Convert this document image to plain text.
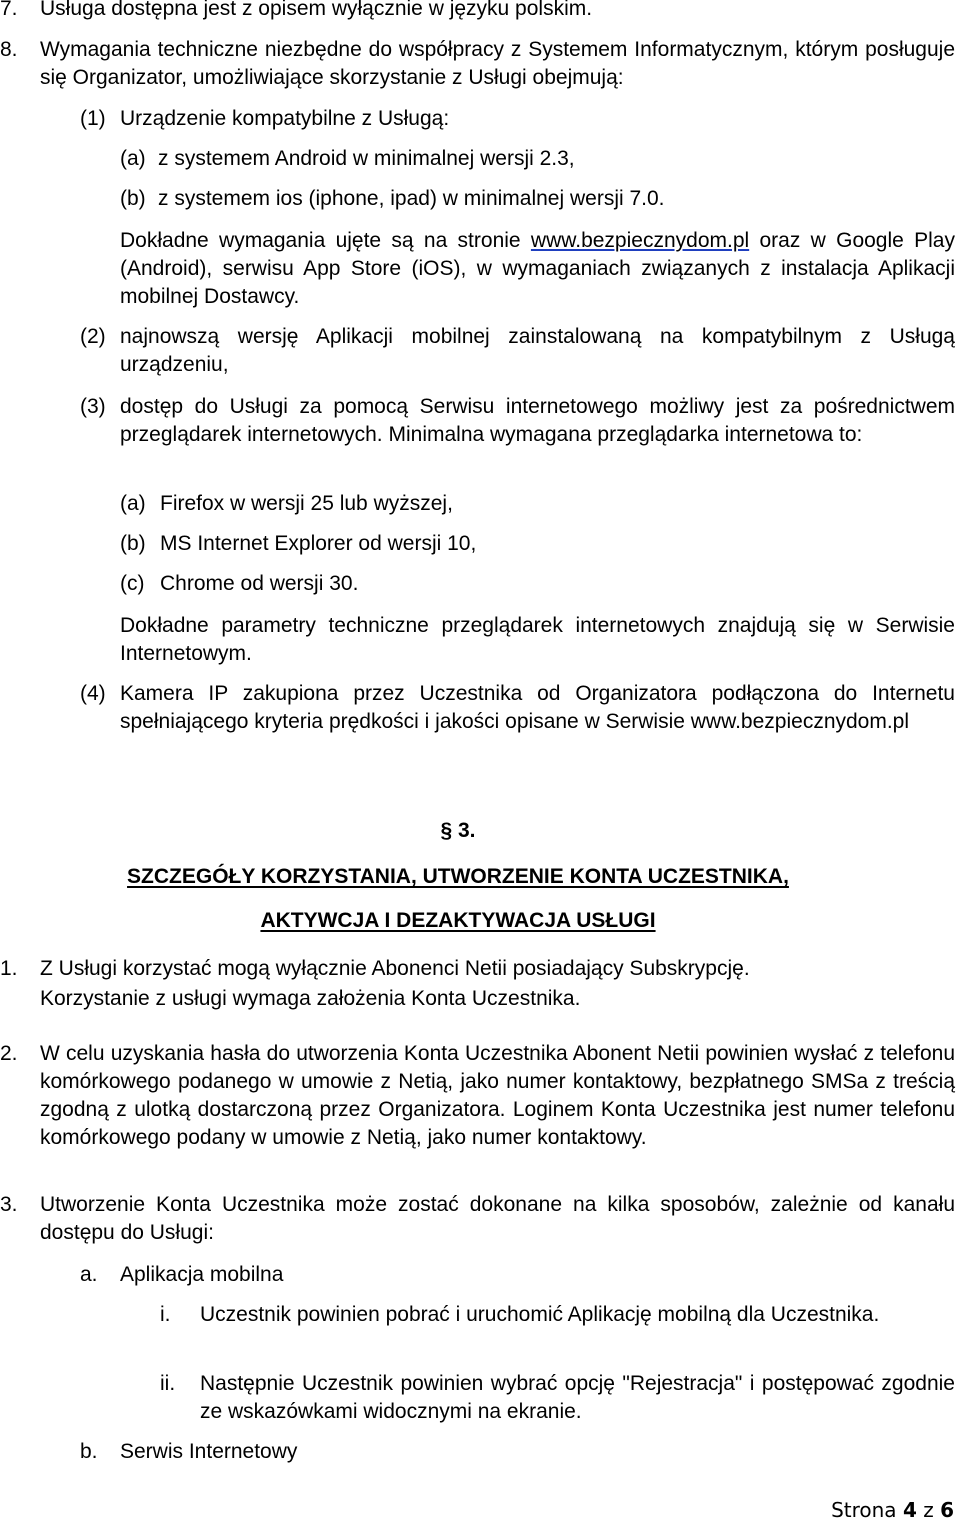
7. Usługa dostępna jest z opisem wyłącznie w języku polskim.
8. Wymagania techniczne niezbędne do współpracy z Systemem Informatycznym, którym posługuje się Organizator, umożliwiające skorzystanie z Usługi obejmują:
(1) Urządzenie kompatybilne z Usługą:
(a) z systemem Android w minimalnej wersji 2.3,
(b) z systemem ios (iphone, ipad) w minimalnej wersji 7.0.
Dokładne wymagania ujęte są na stronie www.bezpiecznydom.pl oraz w Google Play (Android), serwisu App Store (iOS), w wymaganiach związanych z instalacja Aplikacji mobilnej Dostawcy.
(2) najnowszą wersję Aplikacji mobilnej zainstalowaną na kompatybilnym z Usługą urządzeniu,
(3) dostęp do Usługi za pomocą Serwisu internetowego możliwy jest za pośrednictwem przeglądarek internetowych. Minimalna wymagana przeglądarka internetowa to:
(a) Firefox w wersji 25 lub wyższej,
(b) MS Internet Explorer od wersji 10,
(c) Chrome od wersji 30.
Dokładne parametry techniczne przeglądarek internetowych znajdują się w Serwisie Internetowym.
(4) Kamera IP zakupiona przez Uczestnika od Organizatora podłączona do Internetu spełniającego kryteria prędkości i jakości opisane w Serwisie www.bezpiecznydom.pl
§ 3.
SZCZEGÓŁY KORZYSTANIA, UTWORZENIE KONTA UCZESTNIKA,
AKTYWCJA I DEZAKTYWACJA USŁUGI
1. Z Usługi korzystać mogą wyłącznie Abonenci Netii posiadający Subskrypcję.
Korzystanie z usługi wymaga założenia Konta Uczestnika.
2. W celu uzyskania hasła do utworzenia Konta Uczestnika Abonent Netii powinien wysłać z telefonu komórkowego podanego w umowie z Netią, jako numer kontaktowy, bezpłatnego SMSa z treścią zgodną z ulotką dostarczoną przez Organizatora. Loginem Konta Uczestnika jest numer telefonu komórkowego podany w umowie z Netią, jako numer kontaktowy.
3. Utworzenie Konta Uczestnika może zostać dokonane na kilka sposobów, zależnie od kanału dostępu do Usługi:
a. Aplikacja mobilna
i. Uczestnik powinien pobrać i uruchomić Aplikację mobilną dla Uczestnika.
ii. Następnie Uczestnik powinien wybrać opcję "Rejestracja" i postępować zgodnie ze wskazówkami widocznymi na ekranie.
b. Serwis Internetowy
Strona 4 z 6
